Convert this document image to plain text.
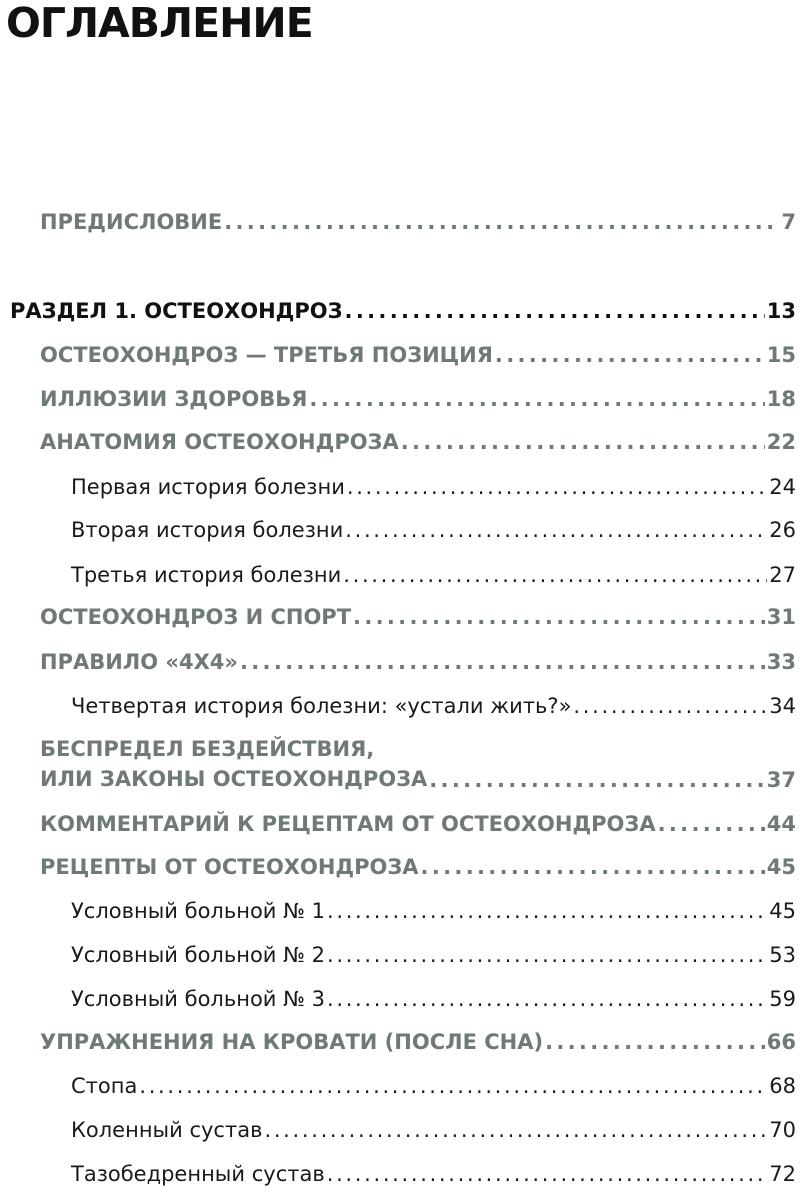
ОГЛАВЛЕНИЕ
ПРЕДИСЛОВИЕ . . .	7
РАЗДЕЛ 1. ОСТЕОХОНДРОЗ . . .	13
ОСТЕОХОНДРОЗ — ТРЕТЬЯ ПОЗИЦИЯ . . .	15
ИЛЛЮЗИИ ЗДОРОВЬЯ . . .	18
АНАТОМИЯ ОСТЕОХОНДРОЗА . . .	22
Первая история болезни . . .	24
Вторая история болезни . . .	26
Третья история болезни . . .	27
ОСТЕОХОНДРОЗ И СПОРТ . . .	31
ПРАВИЛО «4Х4» . . .	33
Четвертая история болезни: «устали жить?» . . .	34
БЕСПРЕДЕЛ БЕЗДЕЙСТВИЯ,
ИЛИ ЗАКОНЫ ОСТЕОХОНДРОЗА . . .	37
КОММЕНТАРИЙ К РЕЦЕПТАМ ОТ ОСТЕОХОНДРОЗА . . .	44
РЕЦЕПТЫ ОТ ОСТЕОХОНДРОЗА . . .	45
Условный больной № 1 . . .	45
Условный больной № 2 . . .	53
Условный больной № 3 . . .	59
УПРАЖНЕНИЯ НА КРОВАТИ (ПОСЛЕ СНА) . . .	66
Стопа . . .	68
Коленный сустав . . .	70
Тазобедренный сустав . . .	72
